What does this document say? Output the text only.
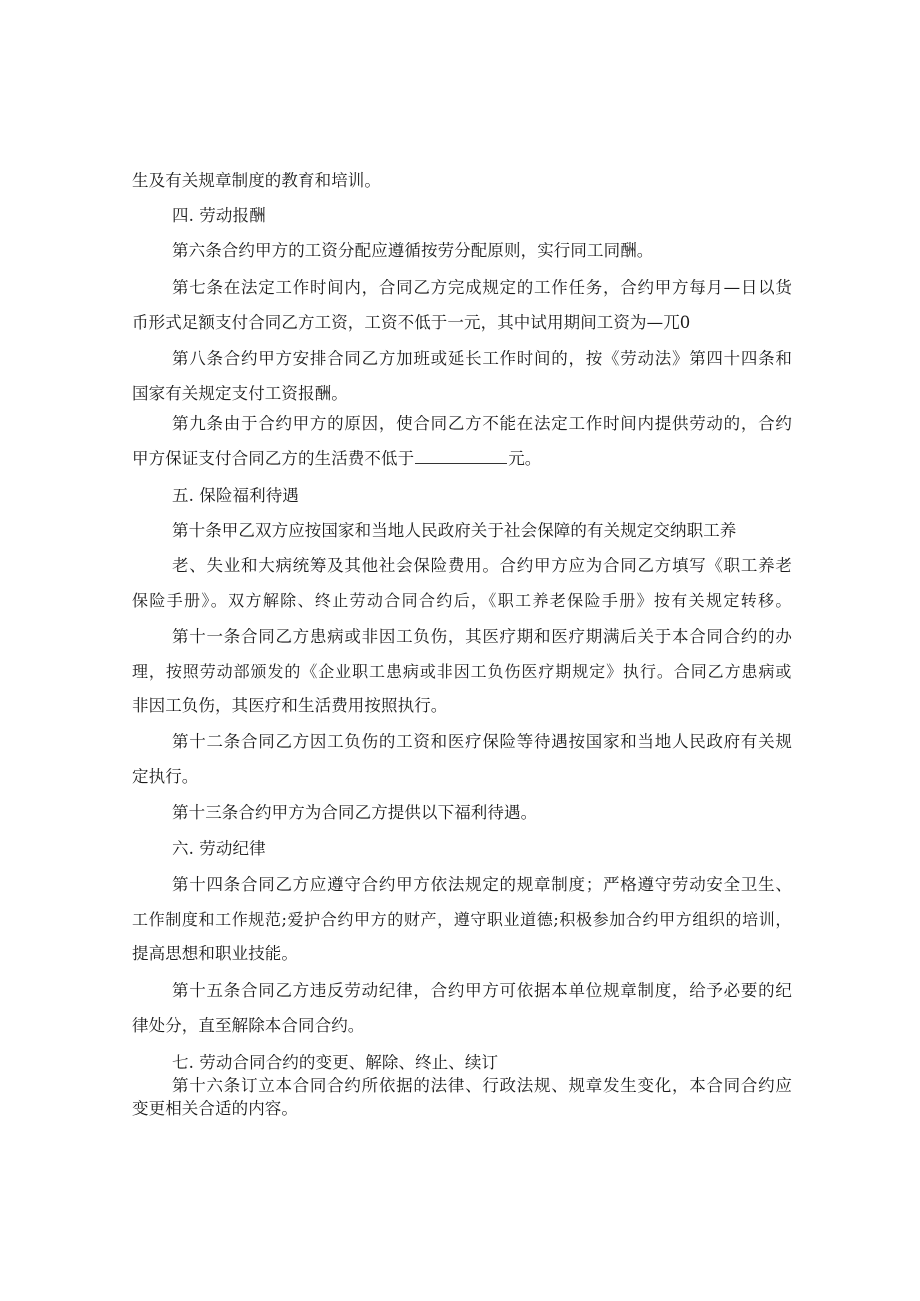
生及有关规章制度的教育和培训。
四. 劳动报酬
第六条合约甲方的工资分配应遵循按劳分配原则，实行同工同酬。
第七条在法定工作时间内，合同乙方完成规定的工作任务，合约甲方每月—日以货
币形式足额支付合同乙方工资，工资不低于一元，其中试用期间工资为—兀0
第八条合约甲方安排合同乙方加班或延长工作时间的，按《劳动法》第四十四条和
国家有关规定支付工资报酬。
第九条由于合约甲方的原因，使合同乙方不能在法定工作时间内提供劳动的，合约
甲方保证支付合同乙方的生活费不低于	元。
五. 保险福利待遇
第十条甲乙双方应按国家和当地人民政府关于社会保障的有关规定交纳职工养
老、失业和大病统筹及其他社会保险费用。合约甲方应为合同乙方填写《职工养老
保险手册》。双方解除、终止劳动合同合约后，《职工养老保险手册》按有关规定转移。
第十一条合同乙方患病或非因工负伤，其医疗期和医疗期满后关于本合同合约的办
理，按照劳动部颁发的《企业职工患病或非因工负伤医疗期规定》执行。合同乙方患病或
非因工负伤，其医疗和生活费用按照执行。
第十二条合同乙方因工负伤的工资和医疗保险等待遇按国家和当地人民政府有关规
定执行。
第十三条合约甲方为合同乙方提供以下福利待遇。
六. 劳动纪律
第十四条合同乙方应遵守合约甲方依法规定的规章制度；严格遵守劳动安全卫生、
工作制度和工作规范;爱护合约甲方的财产，遵守职业道德;积极参加合约甲方组织的培训，
提高思想和职业技能。
第十五条合同乙方违反劳动纪律，合约甲方可依据本单位规章制度，给予必要的纪
律处分，直至解除本合同合约。
七. 劳动合同合约的变更、解除、终止、续订
第十六条订立本合同合约所依据的法律、行政法规、规章发生变化，本合同合约应
变更相关合适的内容。
